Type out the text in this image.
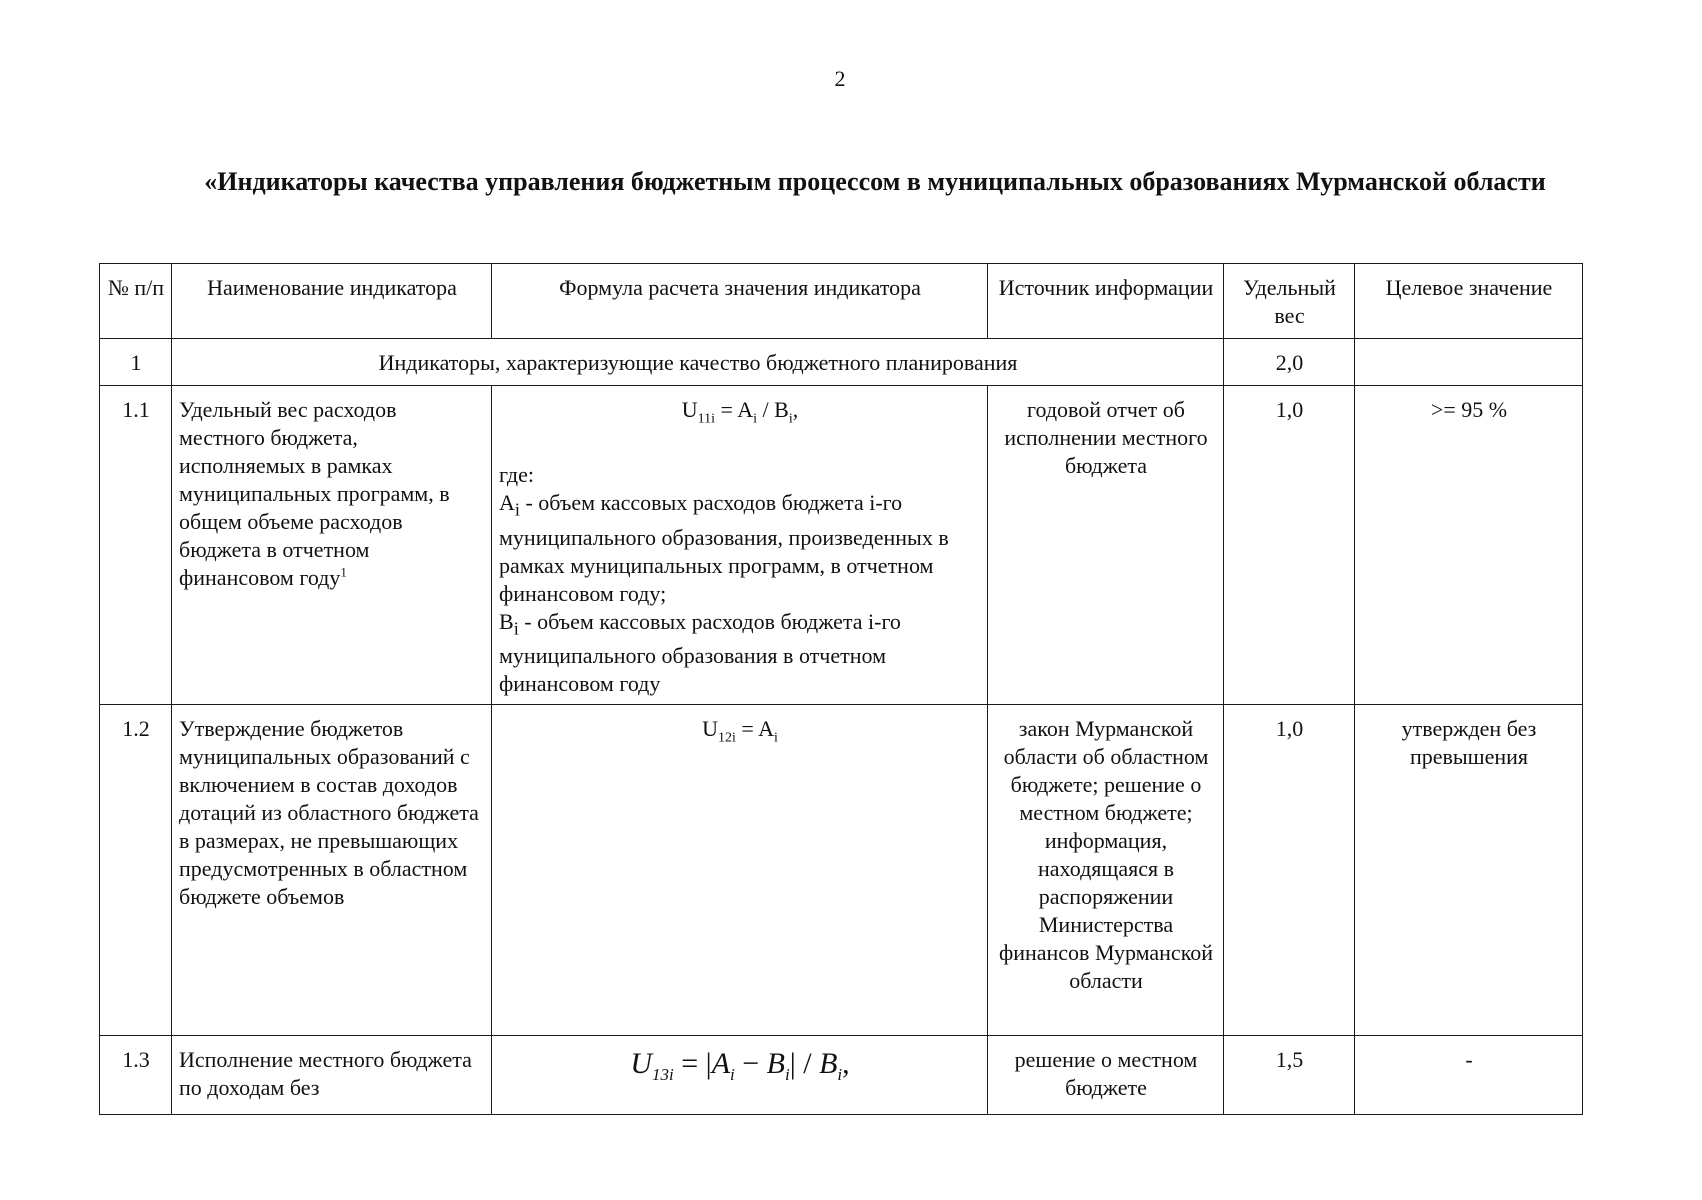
2
«Индикаторы качества управления бюджетным процессом в муниципальных образованиях Мурманской области
№ п/п	Наименование индикатора	Формула расчета значения индикатора	Источник информации	Удельный вес	Целевое значение
1	Индикаторы, характеризующие качество бюджетного планирования			2,0	
1.1	Удельный вес расходов местного бюджета, исполняемых в рамках муниципальных программ, в общем объеме расходов бюджета в отчетном финансовом году$^1$	$U_{11i} = A_i / B_i$,
где:
$A_i$ - объем кассовых расходов бюджета i-го муниципального образования, произведенных в рамках муниципальных программ, в отчетном финансовом году;
$B_i$ - объем кассовых расходов бюджета i-го муниципального образования в отчетном финансовом году	годовой отчет об исполнении местного бюджета	1,0	>= 95 %
1.2	Утверждение бюджетов муниципальных образований с включением в состав доходов дотаций из областного бюджета в размерах, не превышающих предусмотренных в областном бюджете объемов	$U_{12i} = A_i$	закон Мурманской области об областном бюджете; решение о местном бюджете; информация, находящаяся в распоряжении Министерства финансов Мурманской области	1,0	утвержден без превышения
1.3	Исполнение местного бюджета по доходам без	$U_{13i} = |A_i - B_i| / B_i$,	решение о местном бюджете	1,5	-
